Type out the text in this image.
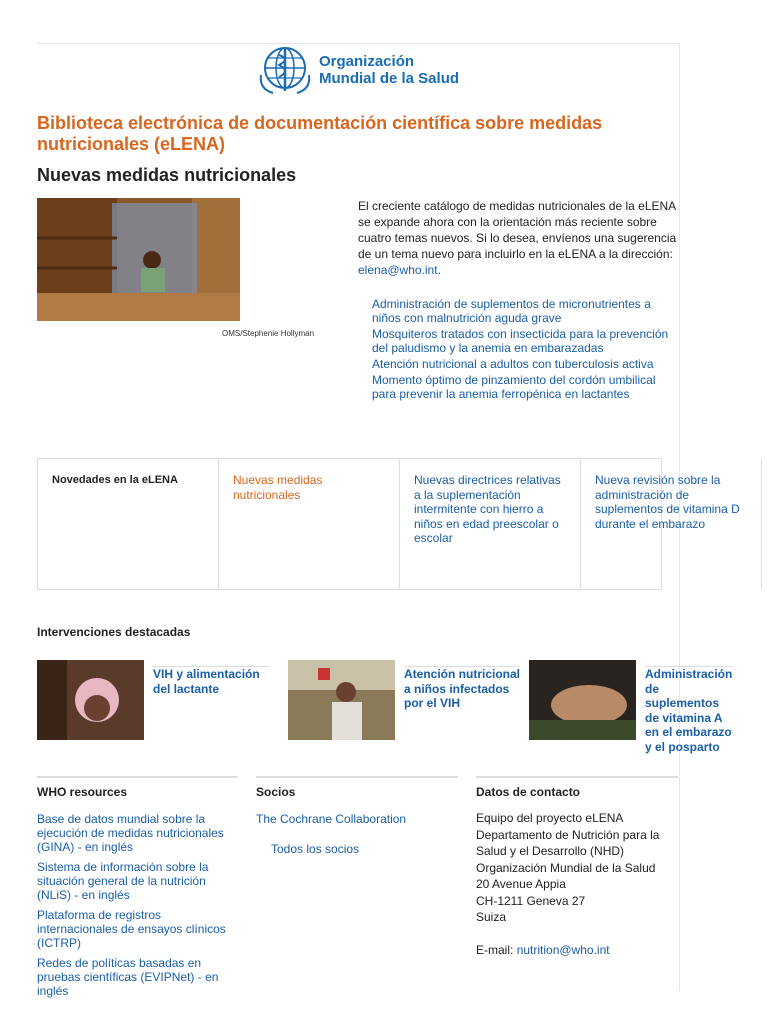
Organización
Mundial de la Salud
Biblioteca electrónica de documentación científica sobre medidas nutricionales (eLENA)
Nuevas medidas nutricionales
OMS/Stephenie Hollyman
El creciente catálogo de medidas nutricionales de la eLENA se expande ahora con la orientación más reciente sobre cuatro temas nuevos. Si lo desea, envíenos una sugerencia de un tema nuevo para incluirlo en la eLENA a la dirección: elena@who.int.
Administración de suplementos de micronutrientes a niños con malnutrición aguda grave
Mosquiteros tratados con insecticida para la prevención del paludismo y la anemia en embarazadas
Atención nutricional a adultos con tuberculosis activa
Momento óptimo de pinzamiento del cordón umbilical para prevenir la anemia ferropénica en lactantes
Novedades en la eLENA	Nuevas medidas nutricionales
Nuevas directrices relativas a la suplementación intermitente con hierro a niños en edad preescolar o escolar
Nueva revisión sobre la administración de suplementos de vitamina D durante el embarazo
Intervenciones destacadas
VIH y alimentación del lactante
Atención nutricional a niños infectados por el VIH
Administración de suplementos de vitamina A en el embarazo y el posparto
WHO resources
Base de datos mundial sobre la ejecución de medidas nutricionales (GINA) - en inglés
Sistema de información sobre la situación general de la nutrición (NLiS) - en inglés
Plataforma de registros internacionales de ensayos clínicos (ICTRP)
Redes de políticas basadas en pruebas científicas (EVIPNet) - en inglés
Socios
The Cochrane Collaboration
Todos los socios
Datos de contacto
Equipo del proyecto eLENA
Departamento de Nutrición para la Salud y el Desarrollo (NHD)
Organización Mundial de la Salud
20 Avenue Appia
CH-1211 Geneva 27
Suiza
E-mail: nutrition@who.int
